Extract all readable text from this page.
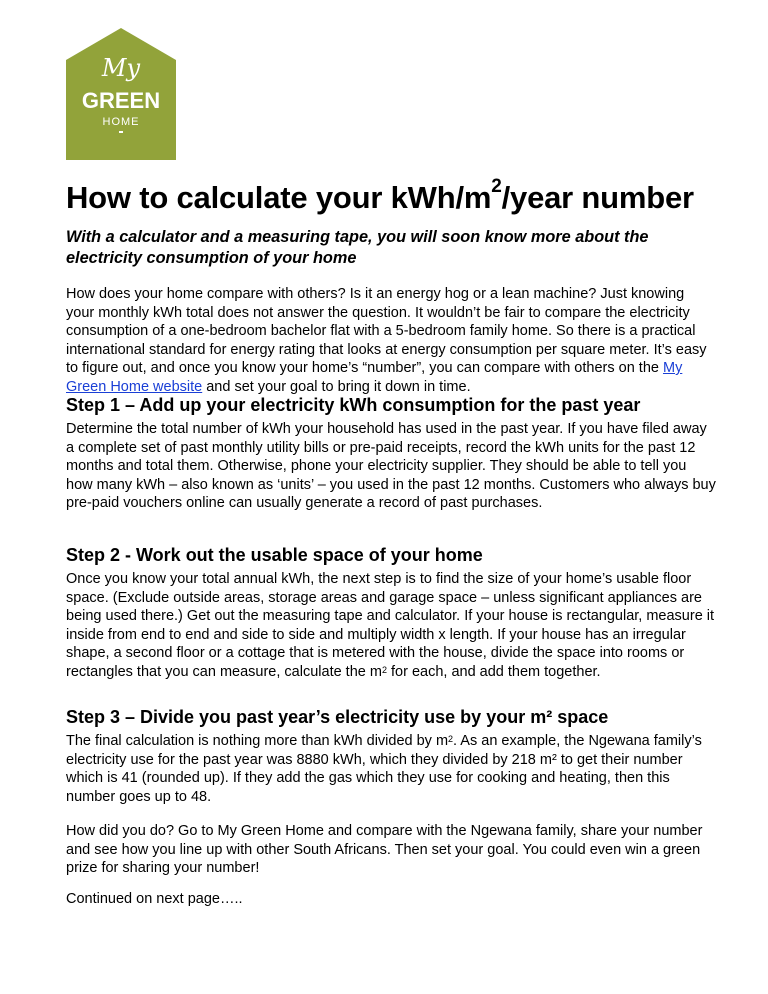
My
GREEN
HOME
How to calculate your kWh/$m^2$/year number

With a calculator and a measuring tape, you will soon know more about the electricity consumption of your home

How does your home compare with others? Is it an energy hog or a lean machine? Just knowing your monthly kWh total does not answer the question. It wouldn’t be fair to compare the electricity consumption of a one-bedroom bachelor flat with a 5-bedroom family home. So there is a practical international standard for energy rating that looks at energy consumption per square meter. It’s easy to figure out, and once you know your home’s “number”, you can compare with others on the My Green Home website and set your goal to bring it down in time.

Step 1 – Add up your electricity kWh consumption for the past year

Determine the total number of kWh your household has used in the past year. If you have filed away a complete set of past monthly utility bills or pre-paid receipts, record the kWh units for the past 12 months and total them. Otherwise, phone your electricity supplier. They should be able to tell you how many kWh – also known as ‘units’ – you used in the past 12 months. Customers who always buy pre-paid vouchers online can usually generate a record of past purchases.

Step 2 - Work out the usable space of your home

Once you know your total annual kWh, the next step is to find the size of your home’s usable floor space. (Exclude outside areas, storage areas and garage space – unless significant appliances are being used there.) Get out the measuring tape and calculator. If your house is rectangular, measure it inside from end to end and side to side and multiply width x length. If your house has an irregular shape, a second floor or a cottage that is metered with the house, divide the space into rooms or rectangles that you can measure, calculate the $m^2$ for each, and add them together.

Step 3 – Divide you past year’s electricity use by your m² space

The final calculation is nothing more than kWh divided by $m^2$. As an example, the Ngewana family’s electricity use for the past year was 8880 kWh, which they divided by 218 m² to get their number which is 41 (rounded up). If they add the gas which they use for cooking and heating, then this number goes up to 48.

How did you do? Go to My Green Home and compare with the Ngewana family, share your number and see how you line up with other South Africans. Then set your goal. You could even win a green prize for sharing your number!

Continued on next page…..
